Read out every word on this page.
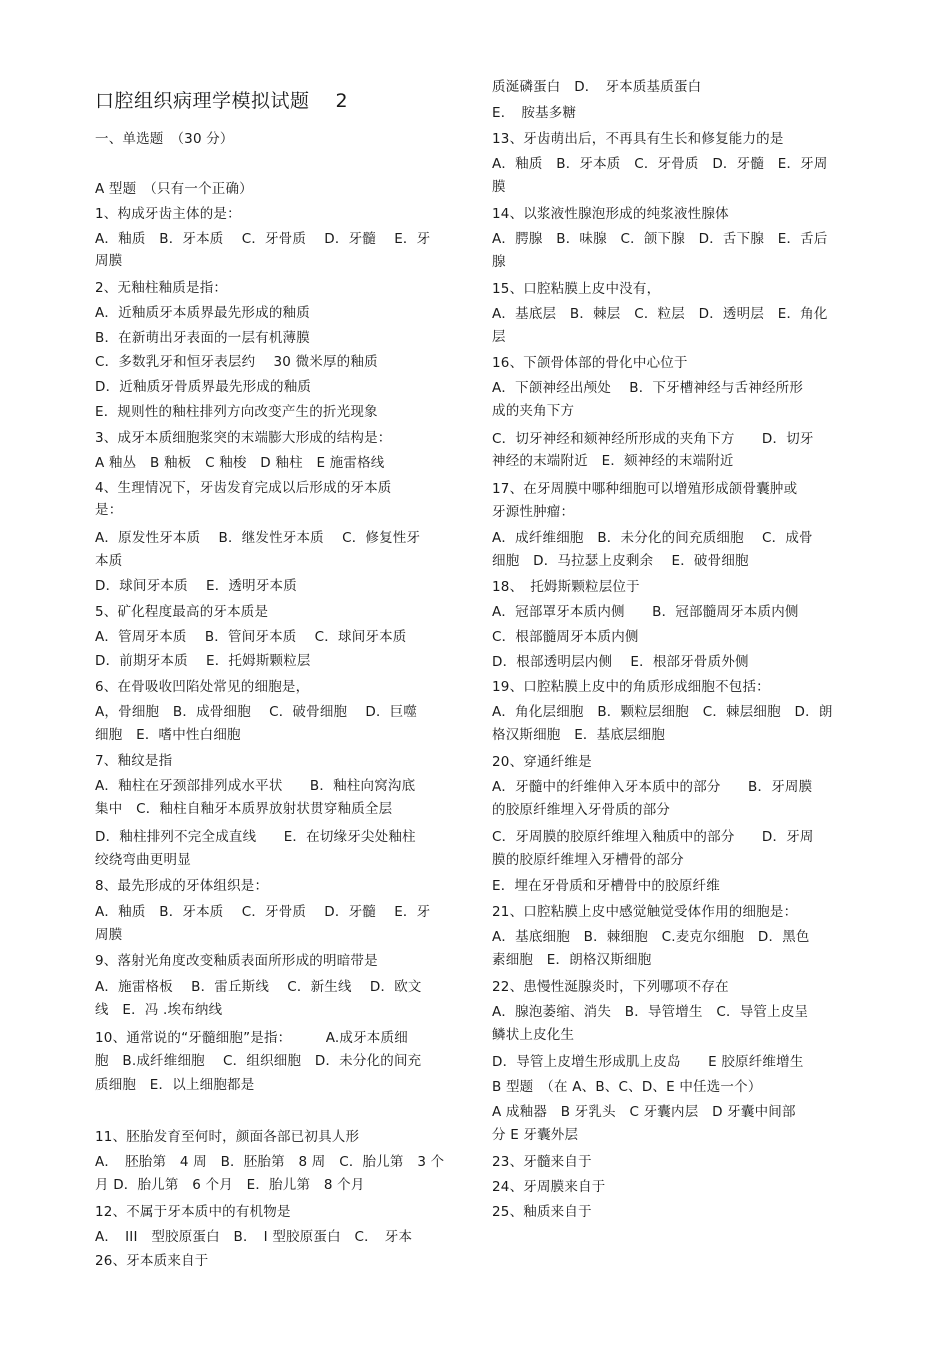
口腔组织病理学模拟试题　 2
一、单选题　（30 分）
A 型题　（只有一个正确）
1、构成牙齿主体的是：
A．釉质　B．牙本质　 C．牙骨质　 D．牙髓　 E．牙
周膜
2、无釉柱釉质是指：
A．近釉质牙本质界最先形成的釉质
B．在新萌出牙表面的一层有机薄膜
C．多数乳牙和恒牙表层约　 30 微米厚的釉质
D．近釉质牙骨质界最先形成的釉质
E．规则性的釉柱排列方向改变产生的折光现象
3、成牙本质细胞浆突的末端膨大形成的结构是：
A 釉丛　B 釉板　C 釉梭　D 釉柱　E 施雷格线
4、生理情况下，牙齿发育完成以后形成的牙本质
是：
A．原发性牙本质　 B．继发性牙本质　 C．修复性牙
本质
D．球间牙本质　 E．透明牙本质
5、矿化程度最高的牙本质是
A．管周牙本质　 B．管间牙本质　 C．球间牙本质
D．前期牙本质　 E．托姆斯颗粒层
6、在骨吸收凹陷处常见的细胞是，
A，骨细胞　B．成骨细胞　 C．破骨细胞　 D．巨噬
细胞　E．嗜中性白细胞
7、釉纹是指
A．釉柱在牙颈部排列成水平状　　B．釉柱向窝沟底
集中　C．釉柱自釉牙本质界放射状贯穿釉质全层
D．釉柱排列不完全成直线　　E．在切缘牙尖处釉柱
绞绕弯曲更明显
8、最先形成的牙体组织是：
A．釉质　B．牙本质　 C．牙骨质　 D．牙髓　 E．牙
周膜
9、落射光角度改变釉质表面所形成的明暗带是
A．施雷格板　 B．雷丘斯线　 C．新生线　 D．欧文
线　E．冯 .埃布纳线
10、通常说的“牙髓细胞”是指：　　　A.成牙本质细
胞　B.成纤维细胞　 C．组织细胞　D．未分化的间充
质细胞　E．以上细胞都是
11、胚胎发育至何时，颜面各部已初具人形
A．　胚胎第　4 周　B．胚胎第　8 周　C．胎儿第　3 个
月 D．胎儿第　6 个月　E．胎儿第　8 个月
12、不属于牙本质中的有机物是
A．　III　型胶原蛋白　B．　I 型胶原蛋白　C．　牙本
26、牙本质来自于
质涎磷蛋白　D．　牙本质基质蛋白
E．　胺基多糖
13、牙齿萌出后，不再具有生长和修复能力的是
A．釉质　B．牙本质　C．牙骨质　D．牙髓　E．牙周
膜
14、以浆液性腺泡形成的纯浆液性腺体
A．腭腺　B．味腺　C．颌下腺　D．舌下腺　E．舌后
腺
15、口腔粘膜上皮中没有，
A．基底层　B．棘层　C．粒层　D．透明层　E．角化
层
16、下颌骨体部的骨化中心位于
A．下颌神经出颅处　 B．下牙槽神经与舌神经所形
成的夹角下方
C．切牙神经和颏神经所形成的夹角下方　　D．切牙
神经的末端附近　E．颏神经的末端附近
17、在牙周膜中哪种细胞可以增殖形成颌骨囊肿或
牙源性肿瘤：
A．成纤维细胞　B．未分化的间充质细胞　 C．成骨
细胞　D．马拉瑟上皮剩余　 E．破骨细胞
18、　托姆斯颗粒层位于
A．冠部罩牙本质内侧　　B．冠部髓周牙本质内侧
C．根部髓周牙本质内侧
D．根部透明层内侧　 E．根部牙骨质外侧
19、口腔粘膜上皮中的角质形成细胞不包括：
A．角化层细胞　B．颗粒层细胞　C．棘层细胞　D．朗
格汉斯细胞　E．基底层细胞
20、穿通纤维是
A．牙髓中的纤维伸入牙本质中的部分　　B．牙周膜
的胶原纤维埋入牙骨质的部分
C．牙周膜的胶原纤维埋入釉质中的部分　　D．牙周
膜的胶原纤维埋入牙槽骨的部分
E．埋在牙骨质和牙槽骨中的胶原纤维
21、口腔粘膜上皮中感觉触觉受体作用的细胞是：
A．基底细胞　B．棘细胞　C.麦克尔细胞　D．黑色
素细胞　E．朗格汉斯细胞
22、患慢性涎腺炎时，下列哪项不存在
A．腺泡萎缩、消失　B．导管增生　C．导管上皮呈
鳞状上皮化生
D．导管上皮增生形成肌上皮岛　　E 胶原纤维增生
B 型题　（在 A、B、C、D、E 中任选一个）
A 成釉器　B 牙乳头　C 牙囊内层　D 牙囊中间部
分 E 牙囊外层
23、牙髓来自于
24、牙周膜来自于
25、釉质来自于
